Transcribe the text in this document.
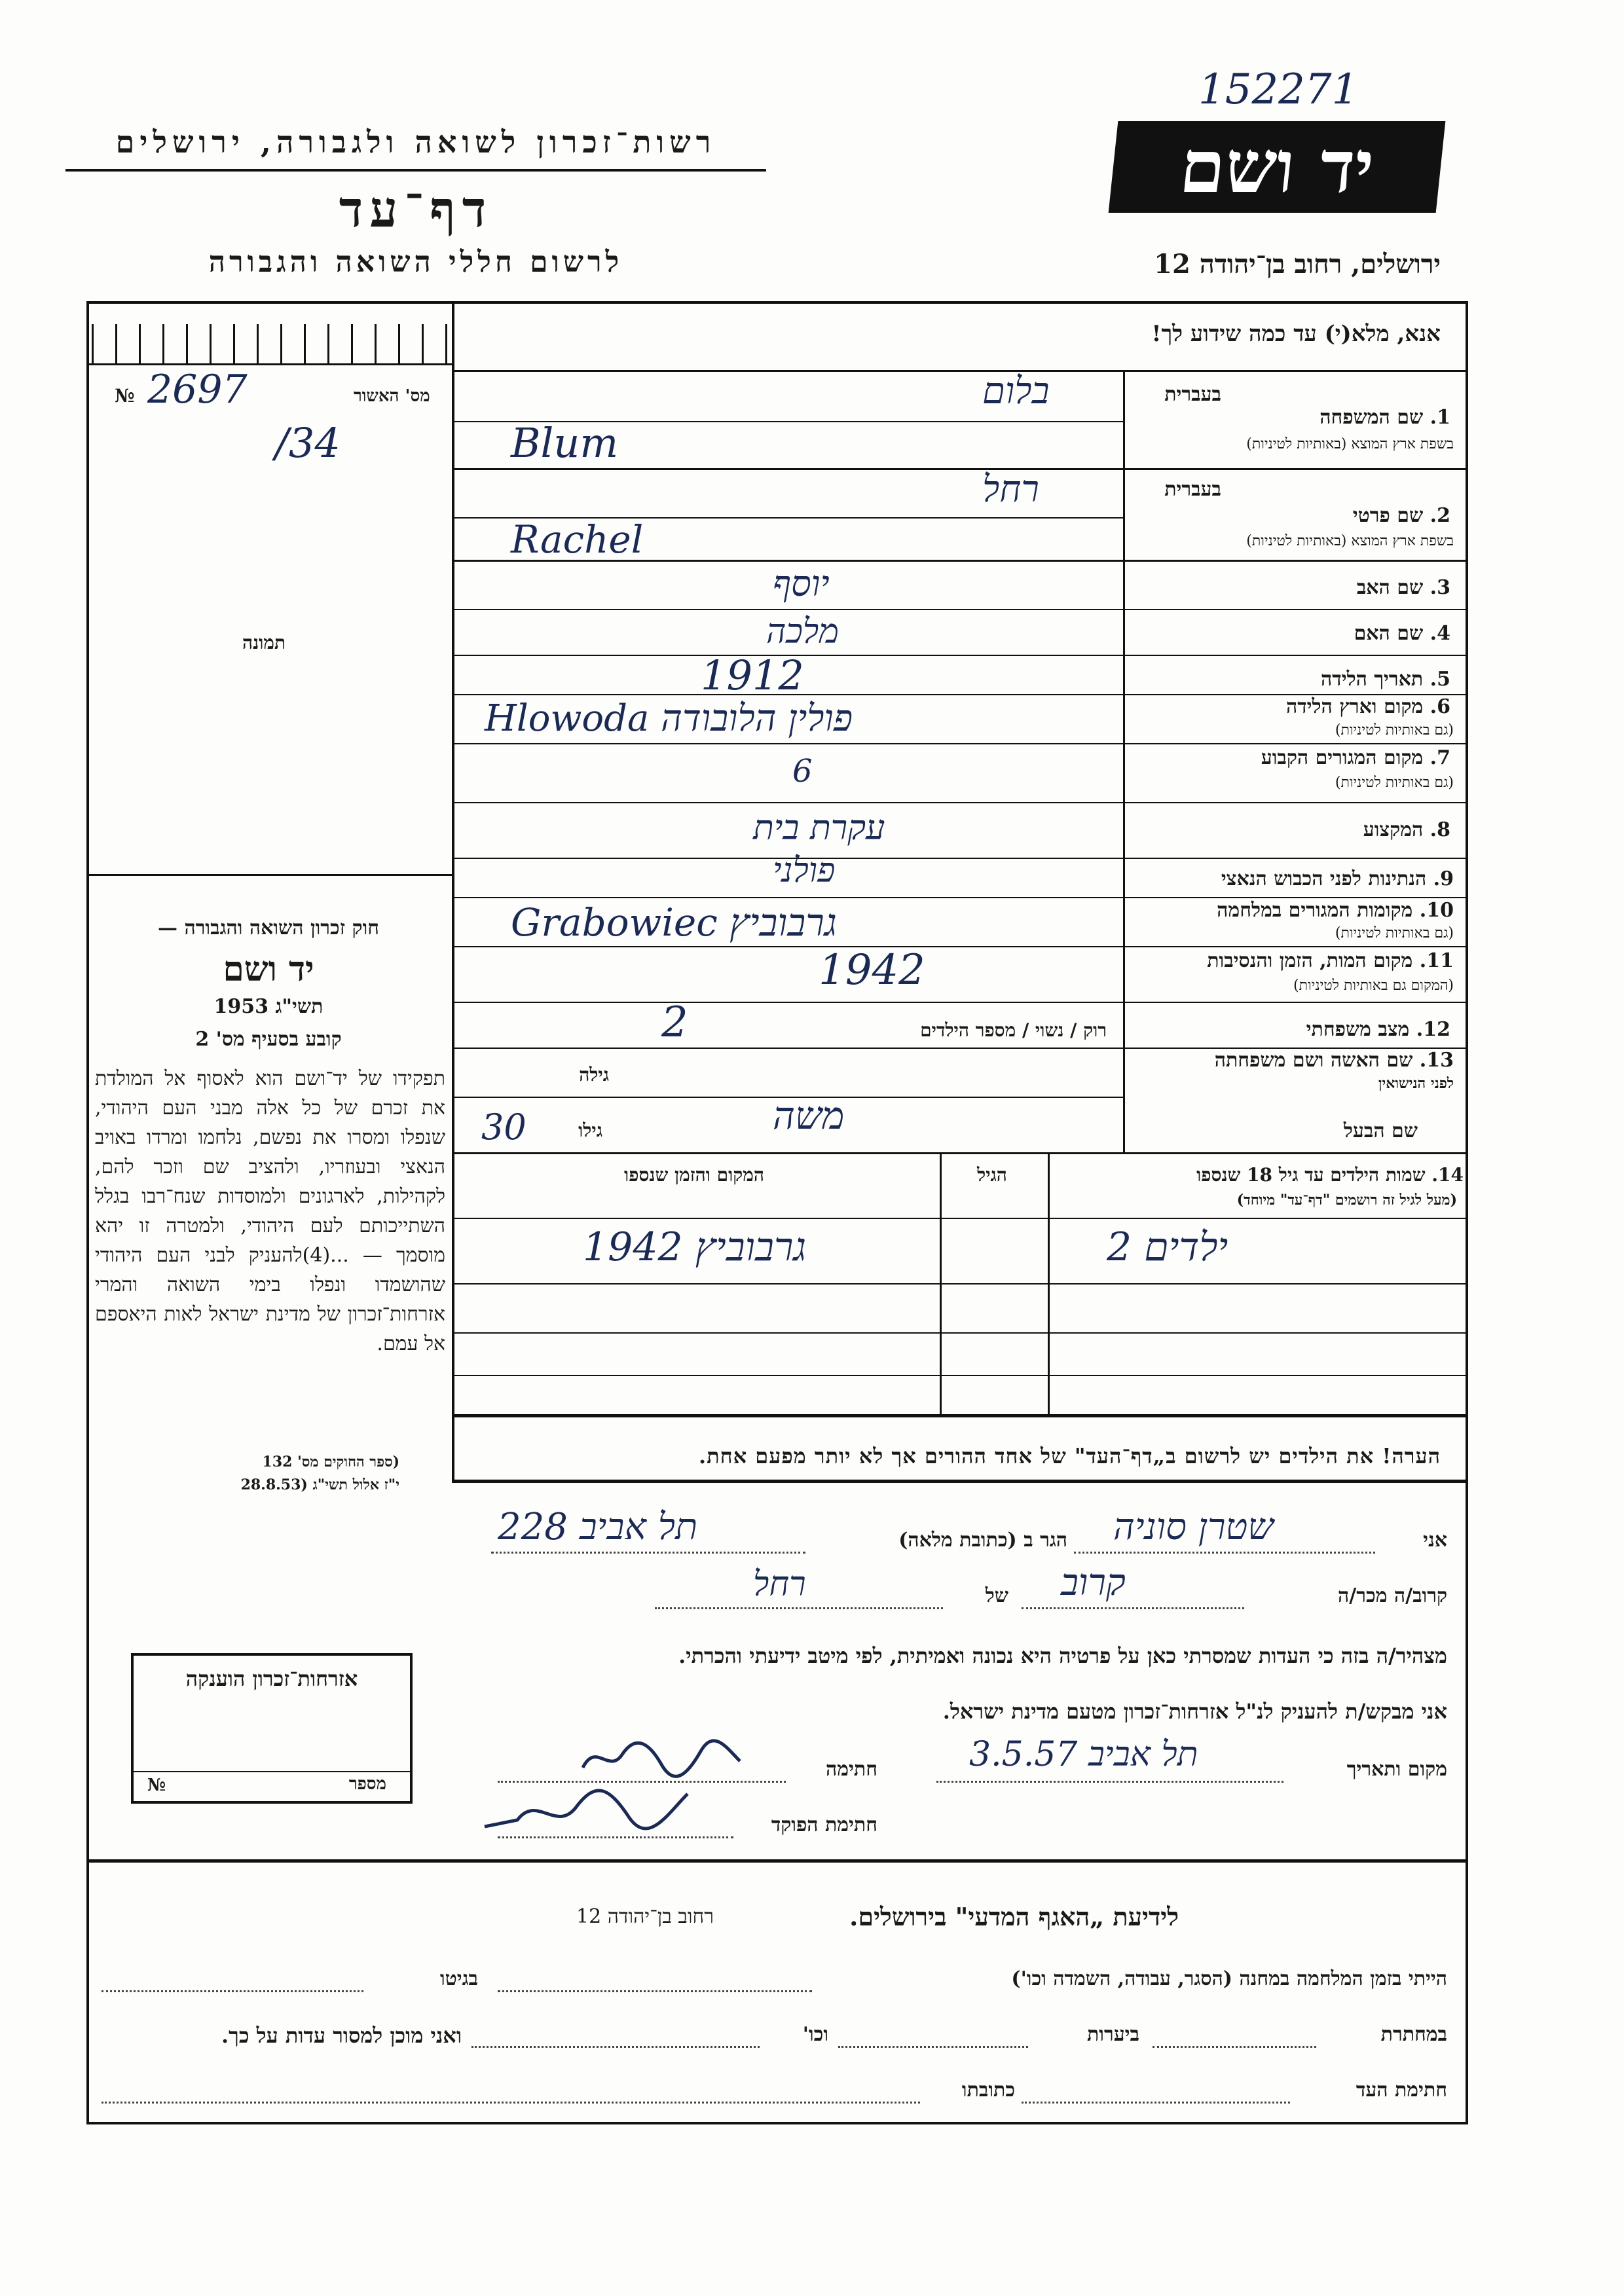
רשות־זכרון לשואה ולגבורה, ירושלים
דף־עד
לרשום חללי השואה והגבורה
יד ושם
152271
ירושלים, רחוב בן־יהודה 12
אנא, מלא(י) עד כמה שידוע לך!
מס' האשור
№ 2697
/34
תמונה
בעברית
1. שם המשפחה
בשפת ארץ המוצא (באותיות לטיניות)
בלום
Blum
בעברית
2. שם פרטי
בשפת ארץ המוצא (באותיות לטיניות)
רחל
Rachel
3. שם האב
יוסף
4. שם האם
מלכה
5. תאריך הלידה
1912
6. מקום וארץ הלידה
(גם באותיות לטיניות)
Hlowoda פולין הלובודה
7. מקום המגורים הקבוע
(גם באותיות לטיניות)
6
8. המקצוע
עקרת בית
9. הנתינות לפני הכבוש הנאצי
פולני
10. מקומות המגורים במלחמה
(גם באותיות לטיניות)
Grabowiec גרבוביץ
11. מקום המות, הזמן והנסיבות
(המקום גם באותיות לטיניות)
1942
12. מצב משפחתי
רוק / נשוי / מספר הילדים
2
13. שם האשה ושם משפחתה
לפני הנישואין
גילה
שם הבעל
משה
גילו
30
14. שמות הילדים עד גיל 18 שנספו
(מעל לגיל זה רושמים "דף־עד" מיוחד)
הגיל
המקום והזמן שנספו
2 ילדים
1942 גרבוביץ
חוק זכרון השואה והגבורה —
יד ושם
תשי"ג 1953
קובע בסעיף מס' 2
תפקידו של יד־ושם הוא לאסוף אל המולדת את זכרם של כל אלה מבני העם היהודי, שנפלו ומסרו את נפשם, נלחמו ומרדו באויב הנאצי ובעוזריו, ולהציב שם וזכר להם, לקהילות, לארגונים ולמוסדות שנח־רבו בגלל השתייכותם לעם היהודי, ולמטרה זו יהא מוסמך — ...(4)להעניק לבני העם היהודי שהושמדו ונפלו בימי השואה והמרי אזרחות־זכרון של מדינת ישראל לאות היאספם אל עמם.
(ספר החוקים מס' 132
י"ז אלול תשי"ג (28.8.53
הערה! את הילדים יש לרשום ב„דף־העד" של אחד ההורים אך לא יותר מפעם אחת.
אני
שטרן סוניה
הגר ב (כתובת מלאה)
תל אביב 228
קרוב/ה מכר/ה
קרוב
של
רחל
מצהיר/ה בזה כי העדות שמסרתי כאן על פרטיה היא נכונה ואמיתית, לפי מיטב ידיעתי והכרתי.
אני מבקש/ת להעניק לנ"ל אזרחות־זכרון מטעם מדינת ישראל.
מקום ותאריך
תל אביב 3.5.57
חתימה
חתימת הפוקד
אזרחות־זכרון הוענקה
מספר
№
לידיעת „האגף המדעי" בירושלים.
רחוב בן־יהודה 12
הייתי בזמן המלחמה במחנה (הסגר, עבודה, השמדה וכו')
בגיטו
במחתרת
ביערות
וכו'
ואני מוכן למסור עדות על כך.
חתימת העד
כתובתו
